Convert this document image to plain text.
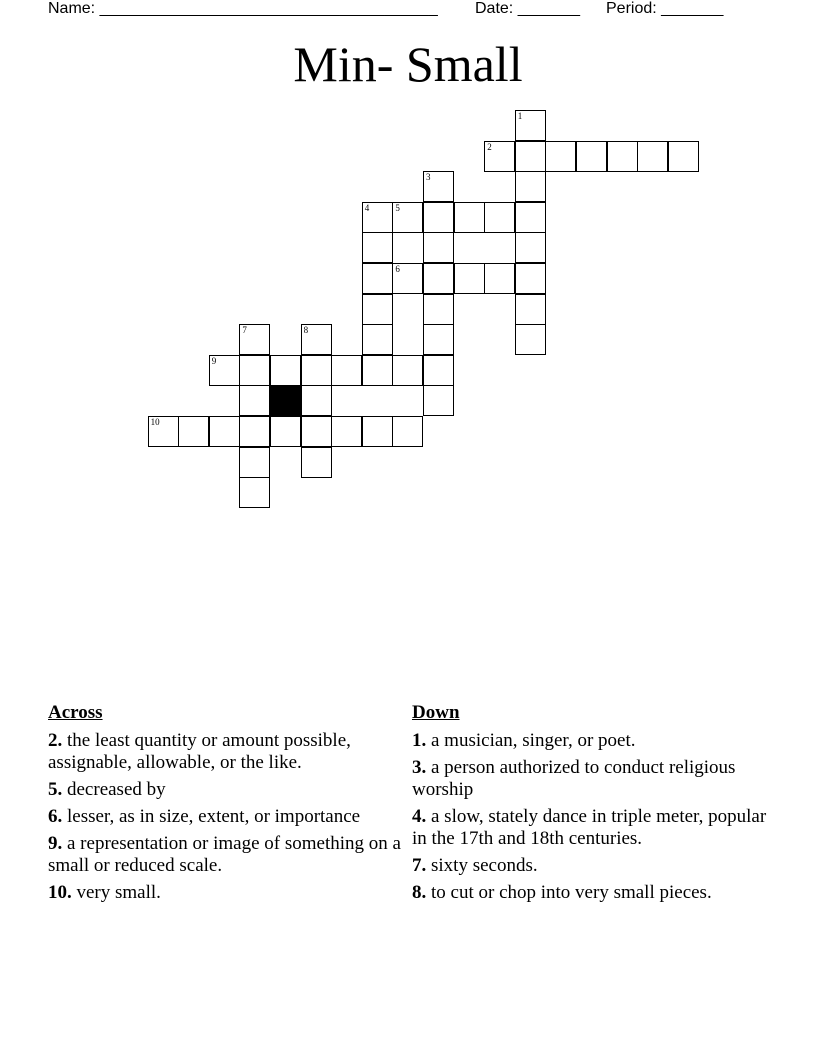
Name: ______________________________________ Date: _______ Period: _______
Min- Small
1
2
3
4	5
6
7	8
9
10
Across
2. the least quantity or amount possible, assignable, allowable, or the like.
5. decreased by
6. lesser, as in size, extent, or importance
9. a representation or image of something on a small or reduced scale.
10. very small.
Down
1. a musician, singer, or poet.
3. a person authorized to conduct religious worship
4. a slow, stately dance in triple meter, popular in the 17th and 18th centuries.
7. sixty seconds.
8. to cut or chop into very small pieces.
